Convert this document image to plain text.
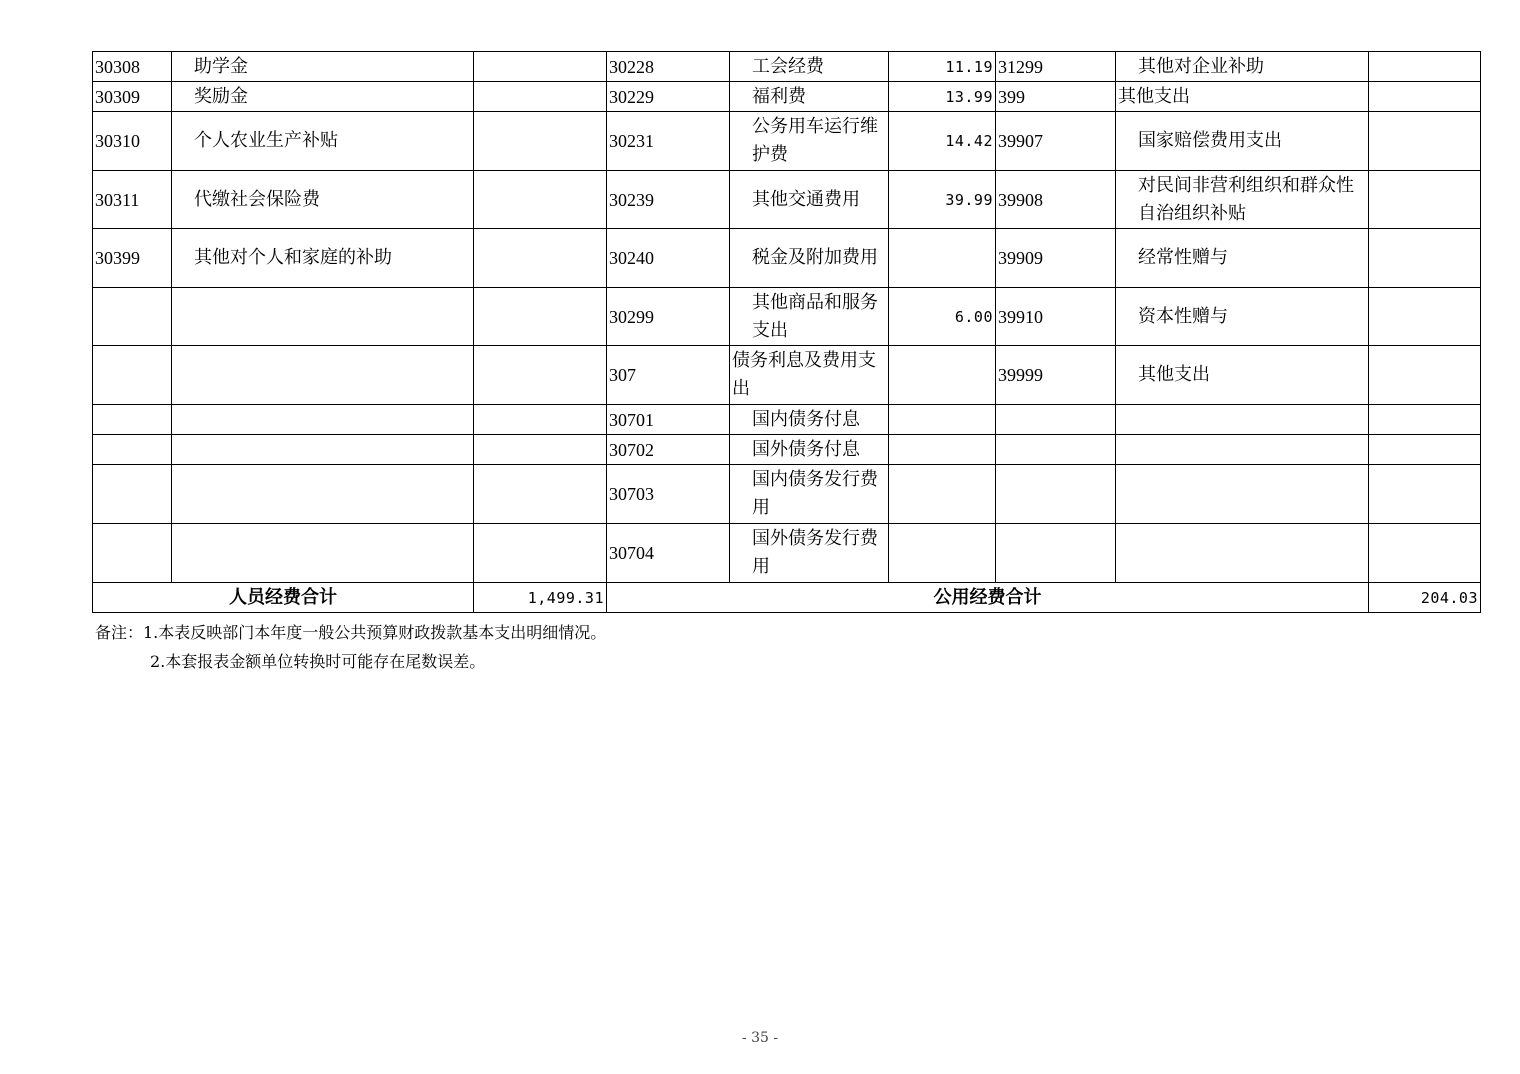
30308	助学金		30228	工会经费	11.19	31299	其他对企业补助	
30309	奖励金		30229	福利费	13.99	399	其他支出	
30310	个人农业生产补贴		30231	公务用车运行维护费	14.42	39907	国家赔偿费用支出	
30311	代缴社会保险费		30239	其他交通费用	39.99	39908	对民间非营利组织和群众性自治组织补贴	

30399	其他对个人和家庭的补助		30240	税金及附加费用		39909	经常性赠与	
			30299	其他商品和服务支出	6.00	39910	资本性赠与	
			307	债务利息及费用支出		39999	其他支出	
			30701	国内债务付息				
			30702	国外债务付息				
			30703	国内债务发行费用				

			30704	国外债务发行费用				

人员经费合计		1,499.31	公用经费合计					204.03
备注：1.本表反映部门本年度一般公共预算财政拨款基本支出明细情况。
2.本套报表金额单位转换时可能存在尾数误差。
- 35 -
